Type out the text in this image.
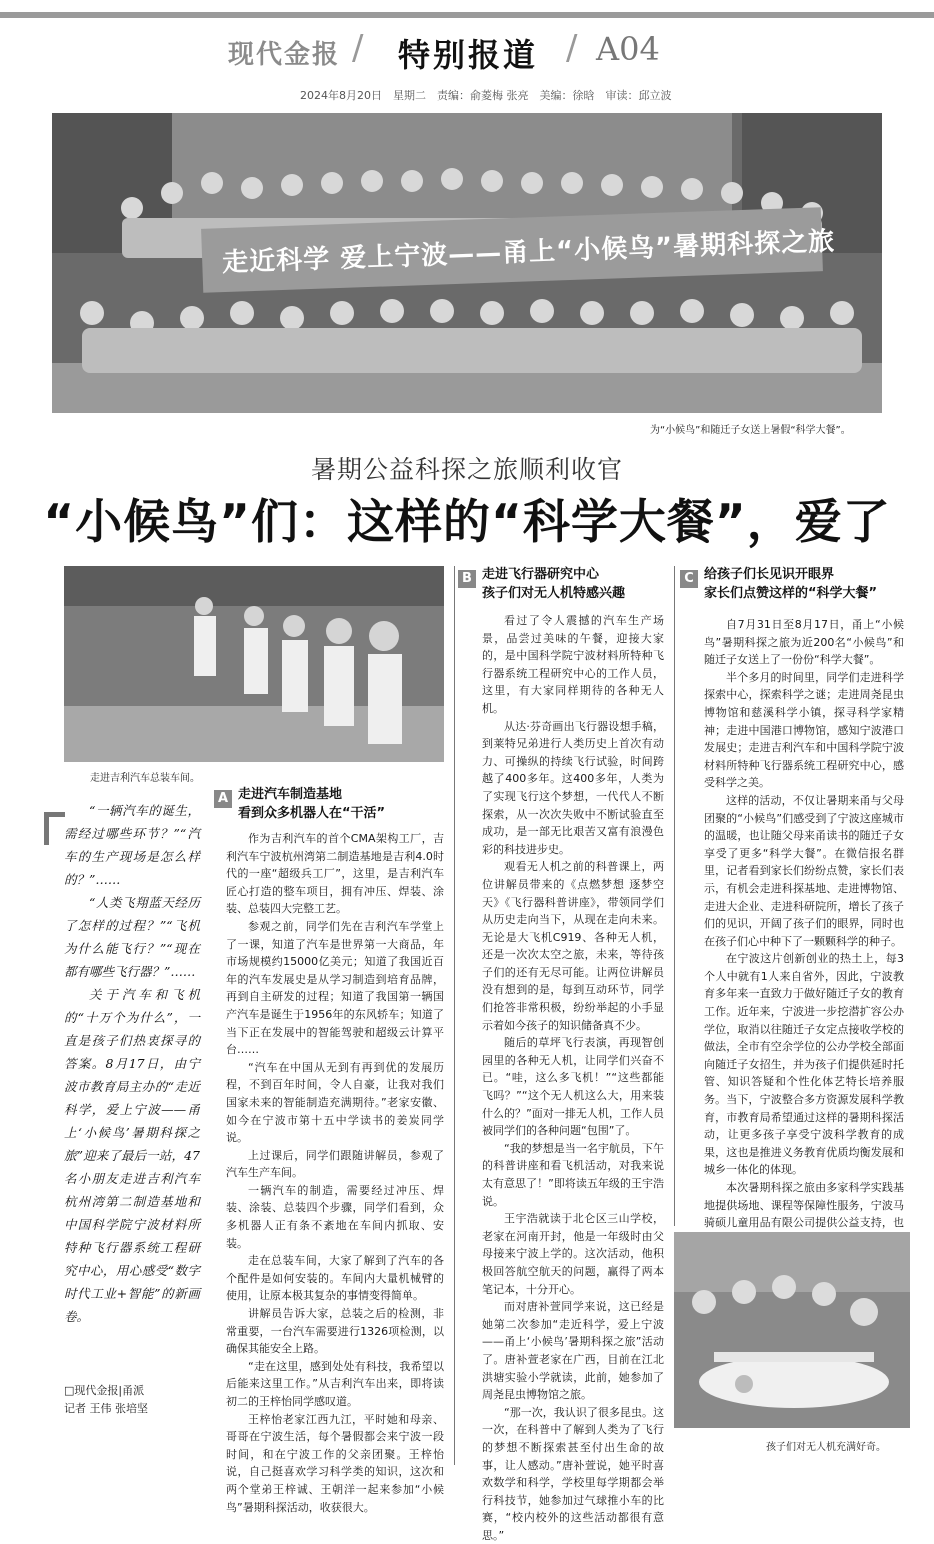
现代金报 / 特别报道 / A04
2024年8月20日　星期二　责编：俞菱梅 张亮　美编：徐晗　审读：邱立波
走近科学 爱上宁波——甬上“小候鸟”暑期科探之旅
为“小候鸟”和随迁子女送上暑假“科学大餐”。
暑期公益科探之旅顺利收官
“小候鸟”们：这样的“科学大餐”，爱了
走进吉利汽车总装车间。

“一辆汽车的诞生，需经过哪些环节？”“汽车的生产现场是怎么样的？”……

“人类飞翔蓝天经历了怎样的过程？”“飞机为什么能飞行？”“现在都有哪些飞行器？”……

关于汽车和飞机的“十万个为什么”，一直是孩子们热衷探寻的答案。8月17日，由宁波市教育局主办的“走近科学，爱上宁波——甬上‘小候鸟’暑期科探之旅”迎来了最后一站，47名小朋友走进吉利汽车杭州湾第二制造基地和中国科学院宁波材料所特种飞行器系统工程研究中心，用心感受“数字时代工业+智能”的新画卷。

□现代金报|甬派
记者 王伟 张培坚
A 走进汽车制造基地
看到众多机器人在“干活”

作为吉利汽车的首个CMA架构工厂，吉利汽车宁波杭州湾第二制造基地是吉利4.0时代的一座“超级兵工厂”，这里，是吉利汽车匠心打造的整车项目，拥有冲压、焊装、涂装、总装四大完整工艺。

参观之前，同学们先在吉利汽车学堂上了一课，知道了汽车是世界第一大商品，年市场规模约15000亿美元；知道了我国近百年的汽车发展史是从学习制造到培育品牌，再到自主研发的过程；知道了我国第一辆国产汽车是诞生于1956年的东风轿车；知道了当下正在发展中的智能驾驶和超级云计算平台……

“汽车在中国从无到有再到优的发展历程，不到百年时间，令人自豪，让我对我们国家未来的智能制造充满期待。”老家安徽、如今在宁波市第十五中学读书的姜炭同学说。

上过课后，同学们跟随讲解员，参观了汽车生产车间。

一辆汽车的制造，需要经过冲压、焊装、涂装、总装四个步骤，同学们看到，众多机器人正有条不紊地在车间内抓取、安装。

走在总装车间，大家了解到了汽车的各个配件是如何安装的。车间内大量机械臂的使用，让原本极其复杂的事情变得简单。

讲解员告诉大家，总装之后的检测，非常重要，一台汽车需要进行1326项检测，以确保其能安全上路。

“走在这里，感到处处有科技，我希望以后能来这里工作。”从吉利汽车出来，即将读初二的王梓怡同学感叹道。

王梓怡老家江西九江，平时她和母亲、哥哥在宁波生活，每个暑假都会来宁波一段时间，和在宁波工作的父亲团聚。王梓怡说，自己挺喜欢学习科学类的知识，这次和两个堂弟王梓诚、王朝洋一起来参加“小候鸟”暑期科探活动，收获很大。

B 走进飞行器研究中心
孩子们对无人机特感兴趣

看过了令人震撼的汽车生产场景，品尝过美味的午餐，迎接大家的，是中国科学院宁波材料所特种飞行器系统工程研究中心的工作人员，这里，有大家同样期待的各种无人机。

从达·芬奇画出飞行器设想手稿，到莱特兄弟进行人类历史上首次有动力、可操纵的持续飞行试验，时间跨越了400多年。这400多年，人类为了实现飞行这个梦想，一代代人不断探索，从一次次失败中不断试验直至成功，是一部无比艰苦又富有浪漫色彩的科技进步史。

观看无人机之前的科普课上，两位讲解员带来的《点燃梦想 逐梦空天》《飞行器科普讲座》，带领同学们从历史走向当下，从现在走向未来。无论是大飞机C919、各种无人机，还是一次次太空之旅，未来，等待孩子们的还有无尽可能。让两位讲解员没有想到的是，每到互动环节，同学们抢答非常积极，纷纷举起的小手显示着如今孩子的知识储备真不少。

随后的草坪飞行表演，再现智创园里的各种无人机，让同学们兴奋不已。“哇，这么多飞机！”“这些都能飞吗？”“这个无人机这么大，用来装什么的？”面对一排无人机，工作人员被同学们的各种问题“包围”了。

“我的梦想是当一名宇航员，下午的科普讲座和看飞机活动，对我来说太有意思了！”即将读五年级的王宇浩说。

王宇浩就读于北仑区三山学校，老家在河南开封，他是一年级时由父母接来宁波上学的。这次活动，他积极回答航空航天的问题，赢得了两本笔记本，十分开心。

而对唐补萱同学来说，这已经是她第二次参加“走近科学，爱上宁波——甬上‘小候鸟’暑期科探之旅”活动了。唐补萱老家在广西，目前在江北洪塘实验小学就读，此前，她参加了周尧昆虫博物馆之旅。

“那一次，我认识了很多昆虫。这一次，在科普中了解到人类为了飞行的梦想不断探索甚至付出生命的故事，让人感动。”唐补萱说，她平时喜欢数学和科学，学校里每学期都会举行科技节，她参加过气球推小车的比赛，“校内校外的这些活动都很有意思。”

C 给孩子们长见识开眼界
家长们点赞这样的“科学大餐”

自7月31日至8月17日，甬上“小候鸟”暑期科探之旅为近200名“小候鸟”和随迁子女送上了一份份“科学大餐”。

半个多月的时间里，同学们走进科学探索中心，探索科学之谜；走进周尧昆虫博物馆和慈溪科学小镇，探寻科学家精神；走进中国港口博物馆，感知宁波港口发展史；走进吉利汽车和中国科学院宁波材料所特种飞行器系统工程研究中心，感受科学之美。

这样的活动，不仅让暑期来甬与父母团聚的“小候鸟”们感受到了宁波这座城市的温暖，也让随父母来甬读书的随迁子女享受了更多“科学大餐”。在微信报名群里，记者看到家长们纷纷点赞，家长们表示，有机会走进科探基地、走进博物馆、走进大企业、走进科研院所，增长了孩子们的见识，开阔了孩子们的眼界，同时也在孩子们心中种下了一颗颗科学的种子。

在宁波这片创新创业的热土上，每3个人中就有1人来自省外，因此，宁波教育多年来一直致力于做好随迁子女的教育工作。近年来，宁波进一步挖潜扩容公办学位，取消以往随迁子女定点接收学校的做法，全市有空余学位的公办学校全部面向随迁子女招生，并为孩子们提供延时托管、知识答疑和个性化体艺特长培养服务。当下，宁波整合多方资源发展科学教育，市教育局希望通过这样的暑期科探活动，让更多孩子享受宁波科学教育的成果，这也是推进义务教育优质均衡发展和城乡一体化的体现。

本次暑期科探之旅由多家科学实践基地提供场地、课程等保障性服务，宁波马骑硕儿童用品有限公司提供公益支持，也

孩子们对无人机充满好奇。
